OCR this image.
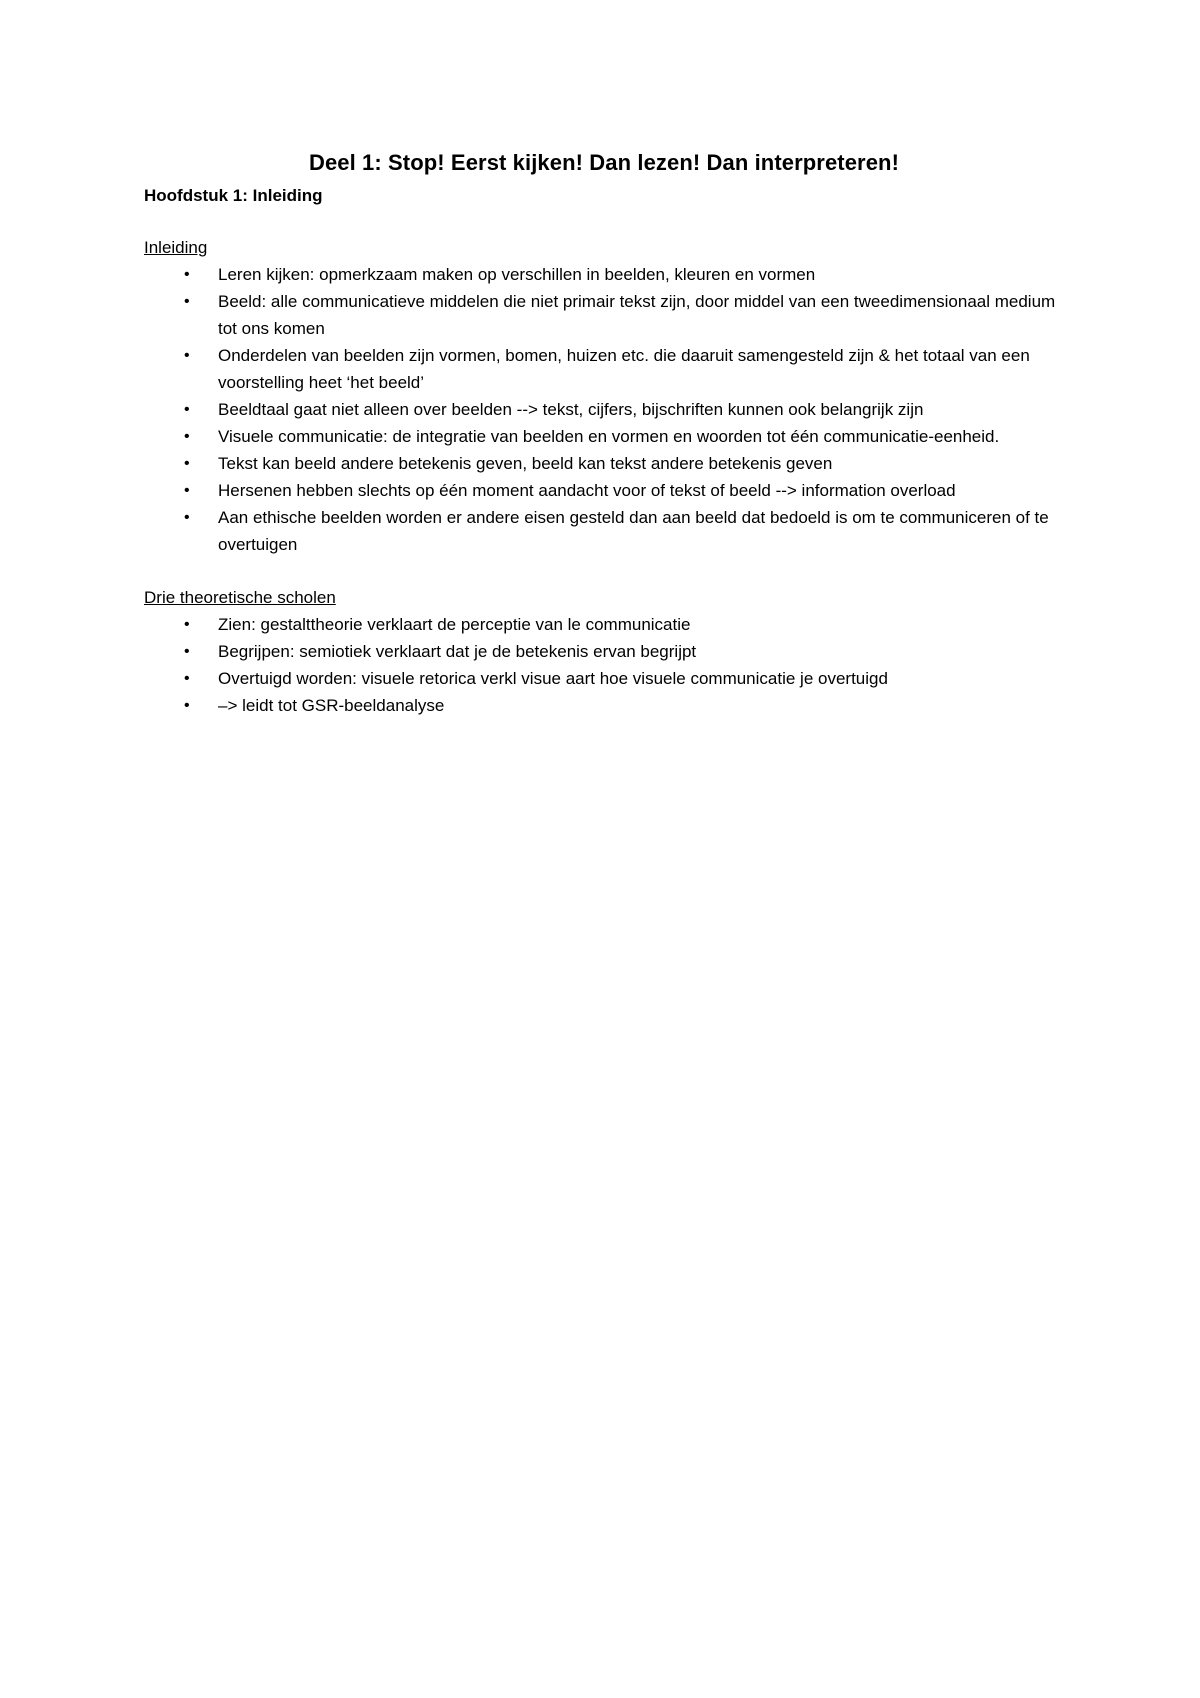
Deel 1: Stop! Eerst kijken! Dan lezen! Dan interpreteren!
Hoofdstuk 1: Inleiding
Inleiding
• Leren kijken: opmerkzaam maken op verschillen in beelden, kleuren en vormen
• Beeld: alle communicatieve middelen die niet primair tekst zijn, door middel van een tweedimensionaal medium tot ons komen
• Onderdelen van beelden zijn vormen, bomen, huizen etc. die daaruit samengesteld zijn & het totaal van een voorstelling heet ‘het beeld’
• Beeldtaal gaat niet alleen over beelden --> tekst, cijfers, bijschriften kunnen ook belangrijk zijn
• Visuele communicatie: de integratie van beelden en vormen en woorden tot één communicatie-eenheid.
• Tekst kan beeld andere betekenis geven, beeld kan tekst andere betekenis geven
• Hersenen hebben slechts op één moment aandacht voor of tekst of beeld --> information overload
• Aan ethische beelden worden er andere eisen gesteld dan aan beeld dat bedoeld is om te communiceren of te overtuigen
Drie theoretische scholen
• Zien: gestalttheorie verklaart de perceptie van le communicatie
• Begrijpen: semiotiek verklaart dat je de betekenis ervan begrijpt
• Overtuigd worden: visuele retorica verkl visue aart hoe visuele communicatie je overtuigd
• –> leidt tot GSR-beeldanalyse
